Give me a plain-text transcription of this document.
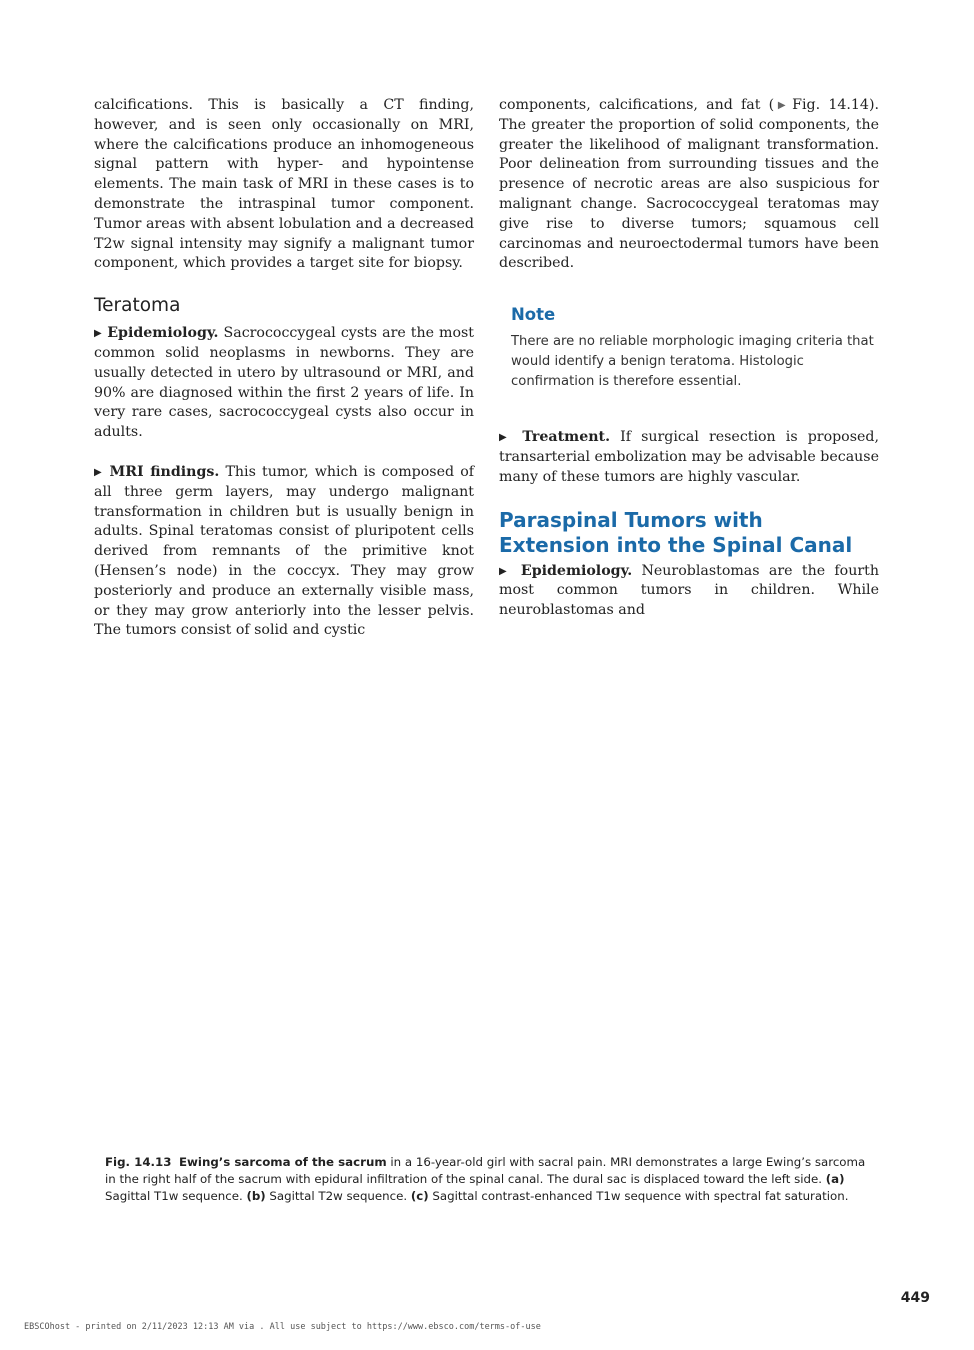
calcifications. This is basically a CT finding, however, and is seen only occasionally on MRI, where the calcifications produce an inhomogeneous signal pattern with hyper- and hypointense elements. The main task of MRI in these cases is to demonstrate the intraspinal tumor component. Tumor areas with absent lobulation and a decreased T2w signal intensity may signify a malignant tumor component, which provides a target site for biopsy.

Teratoma

▶ Epidemiology. Sacrococcygeal cysts are the most common solid neoplasms in newborns. They are usually detected in utero by ultrasound or MRI, and 90% are diagnosed within the first 2 years of life. In very rare cases, sacrococcygeal cysts also occur in adults.

▶ MRI findings. This tumor, which is composed of all three germ layers, may undergo malignant transformation in children but is usually benign in adults. Spinal teratomas consist of pluripotent cells derived from remnants of the primitive knot (Hensen’s node) in the coccyx. They may grow posteriorly and produce an externally visible mass, or they may grow anteriorly into the lesser pelvis. The tumors consist of solid and cystic

components, calcifications, and fat (▶  Fig. 14.14). The greater the proportion of solid components, the greater the likelihood of malignant transformation. Poor delineation from surrounding tissues and the presence of necrotic areas are also suspicious for malignant change. Sacrococcygeal teratomas may give rise to diverse tumors; squamous cell carcinomas and neuroectodermal tumors have been described.

Note
There are no reliable morphologic imaging criteria that would identify a benign teratoma. Histologic confirmation is therefore essential.

▶ Treatment. If surgical resection is proposed, transarterial embolization may be advisable because many of these tumors are highly vascular.

Paraspinal Tumors with Extension into the Spinal Canal

▶ Epidemiology. Neuroblastomas are the fourth most common tumors in children. While neuroblastomas and

Fig. 14.13 Ewing’s sarcoma of the sacrum in a 16-year-old girl with sacral pain. MRI demonstrates a large Ewing’s sarcoma in the right half of the sacrum with epidural infiltration of the spinal canal. The dural sac is displaced toward the left side. (a) Sagittal T1w sequence. (b) Sagittal T2w sequence. (c) Sagittal contrast-enhanced T1w sequence with spectral fat saturation.
449
EBSCOhost - printed on 2/11/2023 12:13 AM via . All use subject to https://www.ebsco.com/terms-of-use
